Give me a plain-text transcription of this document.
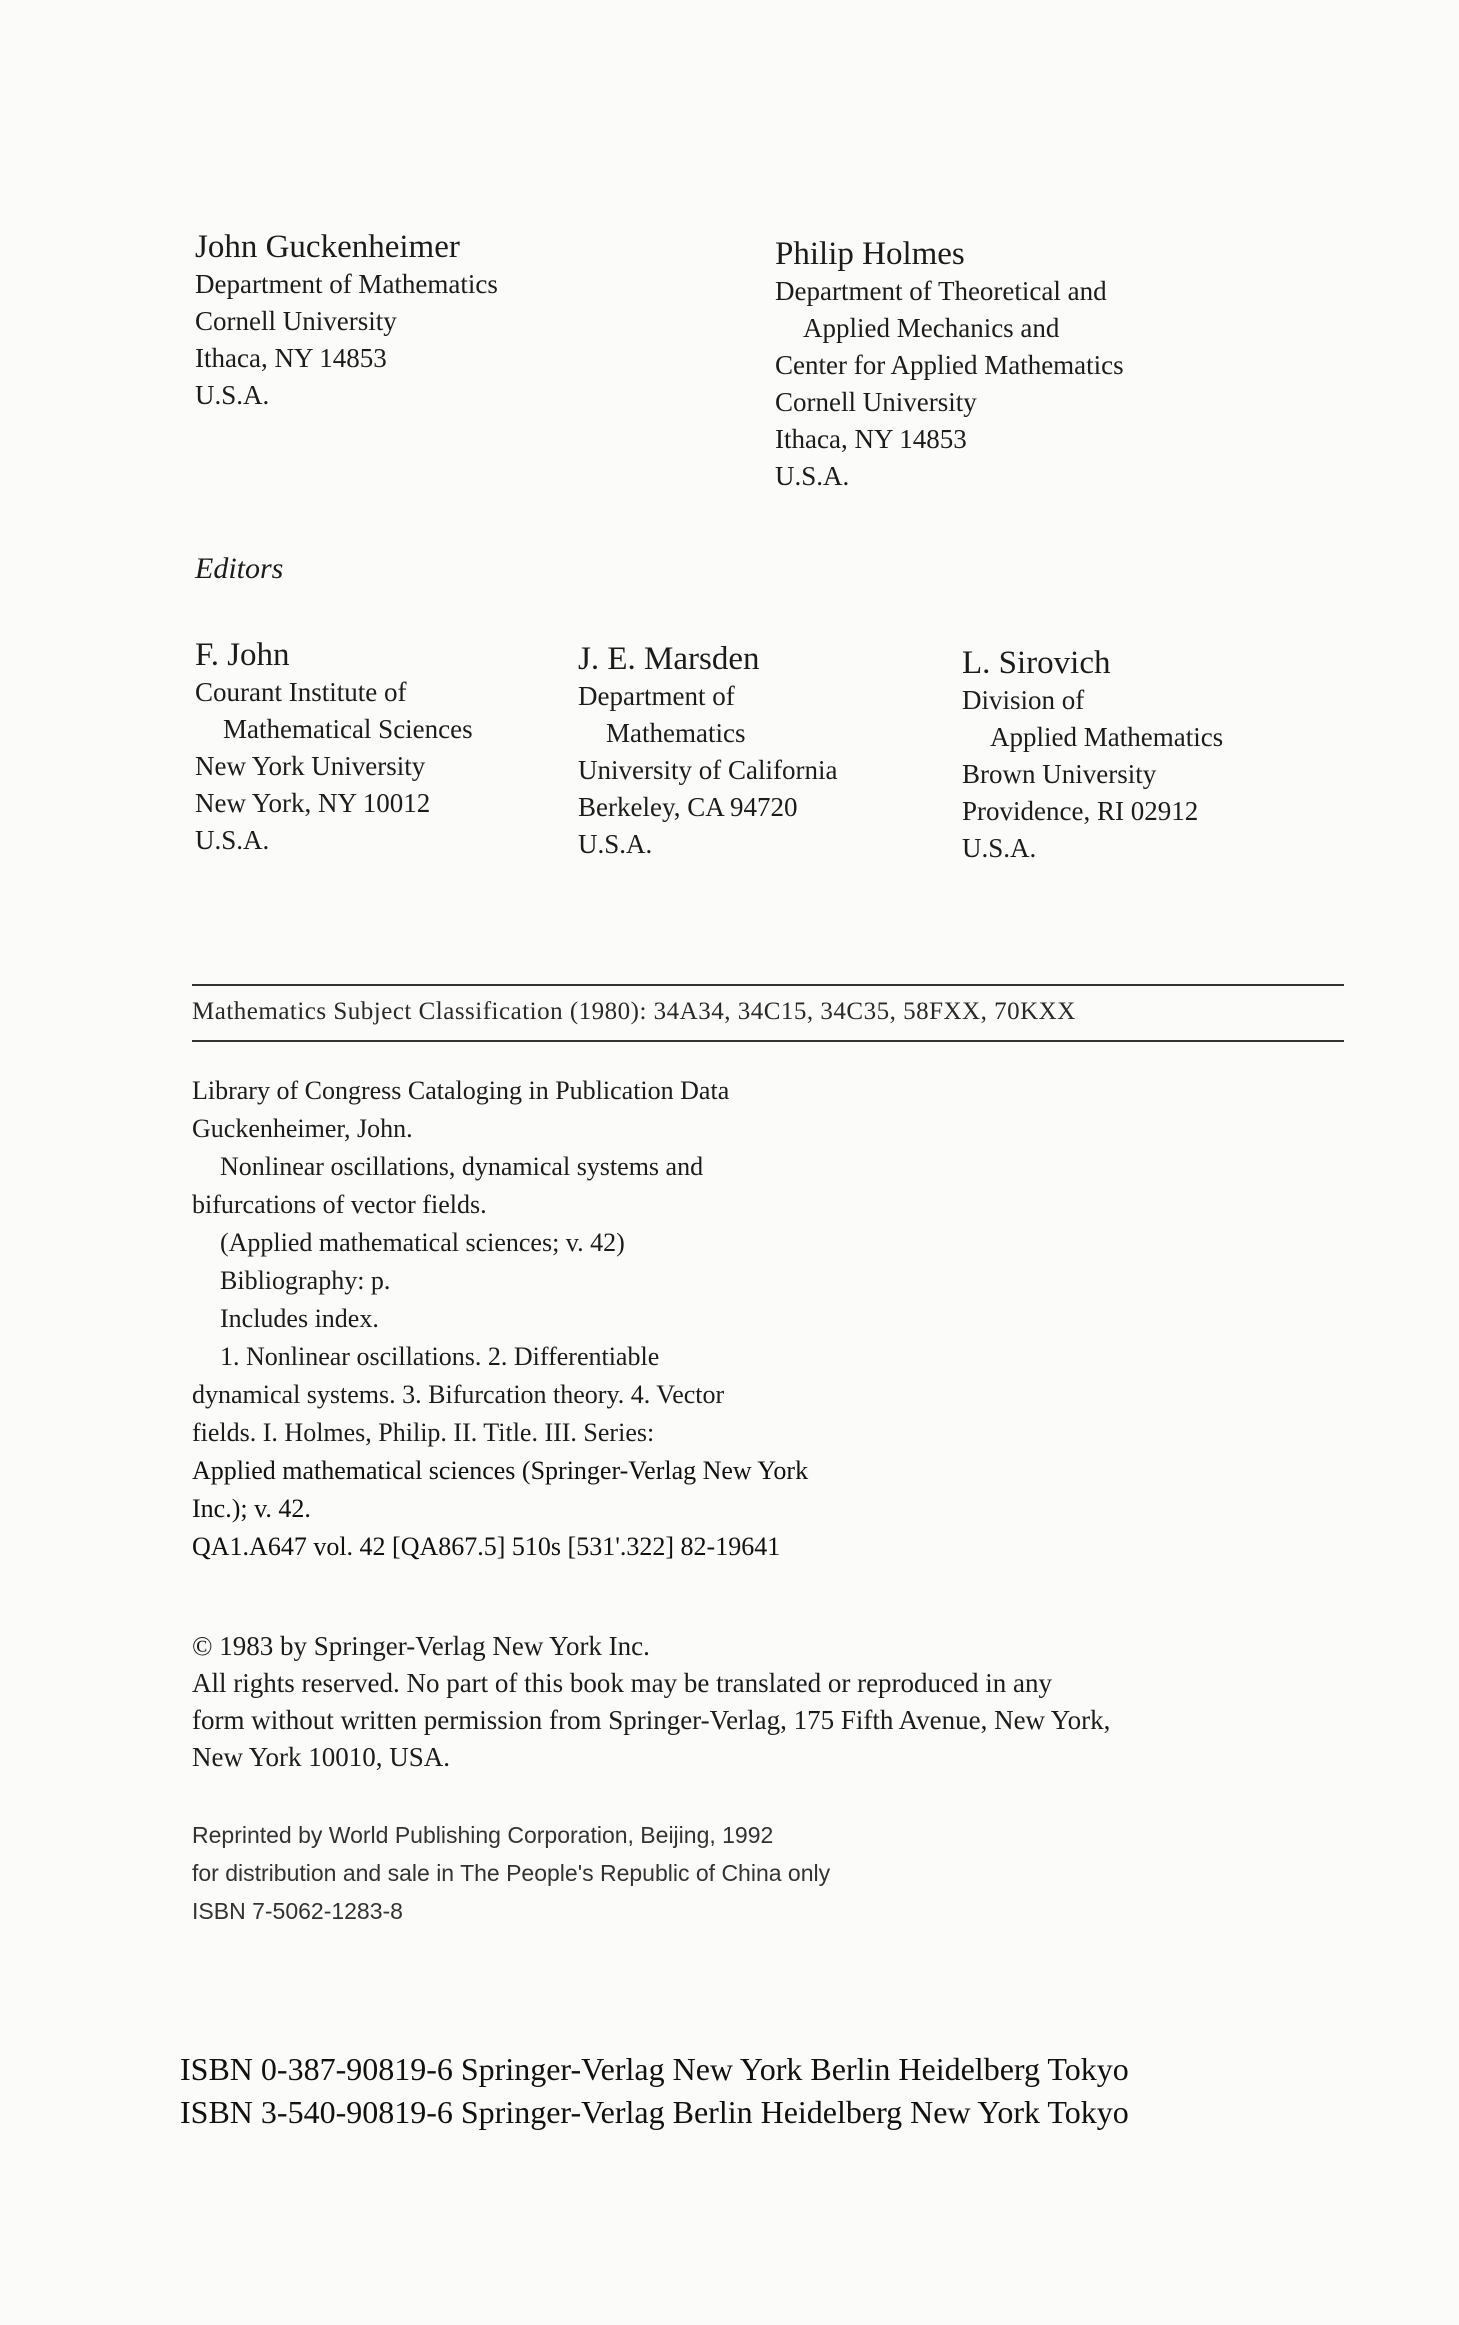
John Guckenheimer
Department of Mathematics
Cornell University
Ithaca, NY 14853
U.S.A.
Philip Holmes
Department of Theoretical and
Applied Mechanics and
Center for Applied Mathematics
Cornell University
Ithaca, NY 14853
U.S.A.
Editors
F. John
Courant Institute of
Mathematical Sciences
New York University
New York, NY 10012
U.S.A.
J. E. Marsden
Department of
Mathematics
University of California
Berkeley, CA 94720
U.S.A.
L. Sirovich
Division of
Applied Mathematics
Brown University
Providence, RI 02912
U.S.A.
Mathematics Subject Classification (1980): 34A34, 34C15, 34C35, 58FXX, 70KXX
Library of Congress Cataloging in Publication Data
Guckenheimer, John.
Nonlinear oscillations, dynamical systems and
bifurcations of vector fields.
(Applied mathematical sciences; v. 42)
Bibliography: p.
Includes index.
1. Nonlinear oscillations. 2. Differentiable
dynamical systems. 3. Bifurcation theory. 4. Vector
fields. I. Holmes, Philip. II. Title. III. Series:
Applied mathematical sciences (Springer-Verlag New York
Inc.); v. 42.
QA1.A647 vol. 42 [QA867.5] 510s [531'.322] 82-19641
© 1983 by Springer-Verlag New York Inc.
All rights reserved. No part of this book may be translated or reproduced in any
form without written permission from Springer-Verlag, 175 Fifth Avenue, New York,
New York 10010, USA.
Reprinted by World Publishing Corporation, Beijing, 1992
for distribution and sale in The People's Republic of China only
ISBN 7-5062-1283-8
ISBN 0-387-90819-6 Springer-Verlag New York Berlin Heidelberg Tokyo
ISBN 3-540-90819-6 Springer-Verlag Berlin Heidelberg New York Tokyo
